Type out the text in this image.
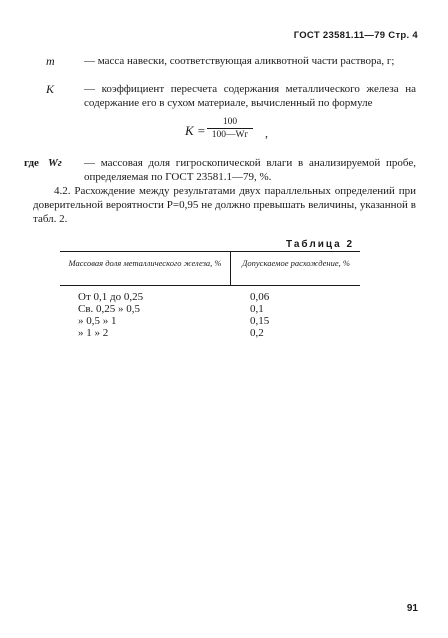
ГОСТ 23581.11—79 Стр. 4
m	— масса навески, соответствующая аликвотной части раствора, г;
K	— коэффициент пересчета содержания металлического железа на содержание его в сухом материале, вычисленный по формуле
K =
100
100—Wг	,
где Wг — массовая доля гигроскопической влаги в анализируемой пробе, определяемая по ГОСТ 23581.1—79, %.
4.2. Расхождение между результатами двух параллельных определений при доверительной вероятности P=0,95 не должно превышать величины, указанной в табл. 2.
Таблица 2
Массовая доля металлического железа, %	Допускаемое расхождение, %
От 0,1 до 0,25	0,06
Св. 0,25 » 0,5	0,1
» 0,5 » 1	0,15
» 1 » 2	0,2
91
